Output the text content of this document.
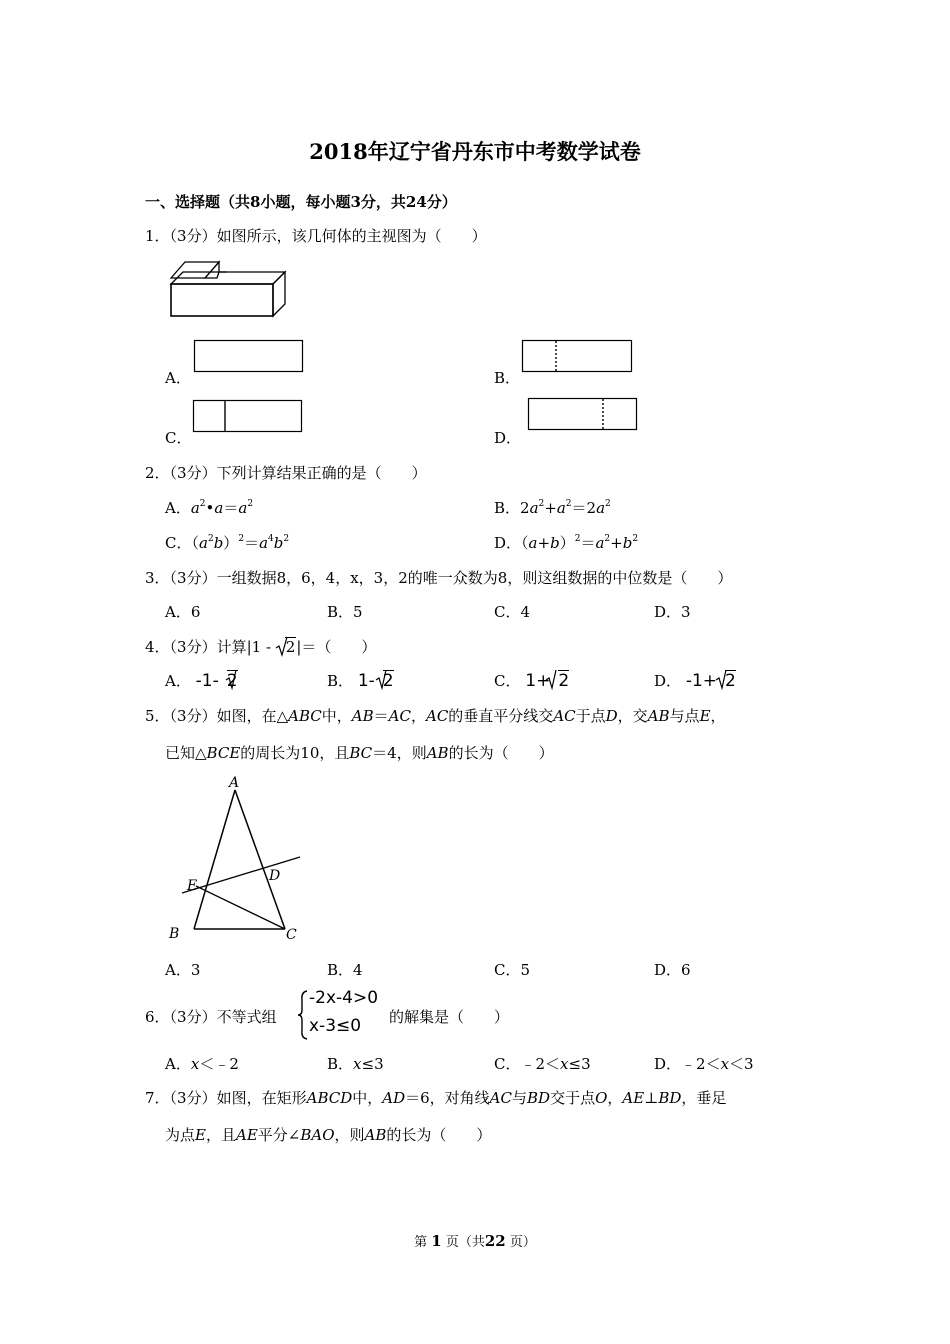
2018年辽宁省丹东市中考数学试卷
一、选择题（共8小题，每小题3分，共24分）
1．（3分）如图所示，该几何体的主视图为（　　）
A．	B．
C．	D．
2．（3分）下列计算结果正确的是（　　）
A．$a^2•a=a^2$	B．$2a^2+a^2=2a^2$
C．$(a^2b)^2=a^4b^2$	D．$(a+b)^2=a^2+b^2$
3．（3分）一组数据8，6，4，x，3，2的唯一众数为8，则这组数据的中位数是（　　）
A．6	B．5	C．4	D．3
4．（3分）计算|1 -
2|＝（　　）
A． -1- 2	B． 1- 2	C． 1+ 2	D． -1+ 2
5．（3分）如图，在△ABC中，AB＝AC，AC的垂直平分线交AC于点D，交AB与点E，
已知△BCE的周长为10，且BC＝4，则AB的长为（　　）
A
E
D
B	C
A．3	B．4	C．5	D．6
6．（3分）不等式组
-2x-4>0
x-3≤0 的解集是（　　）
A．x＜﹣2	B．x≤3	C．﹣2＜x≤3	D．﹣2＜x＜3
7．（3分）如图，在矩形ABCD中，AD＝6，对角线AC与BD交于点O，AE⊥BD，垂足
为点E，且AE平分∠BAO，则AB的长为（　　）
第 1 页（共22 页）
